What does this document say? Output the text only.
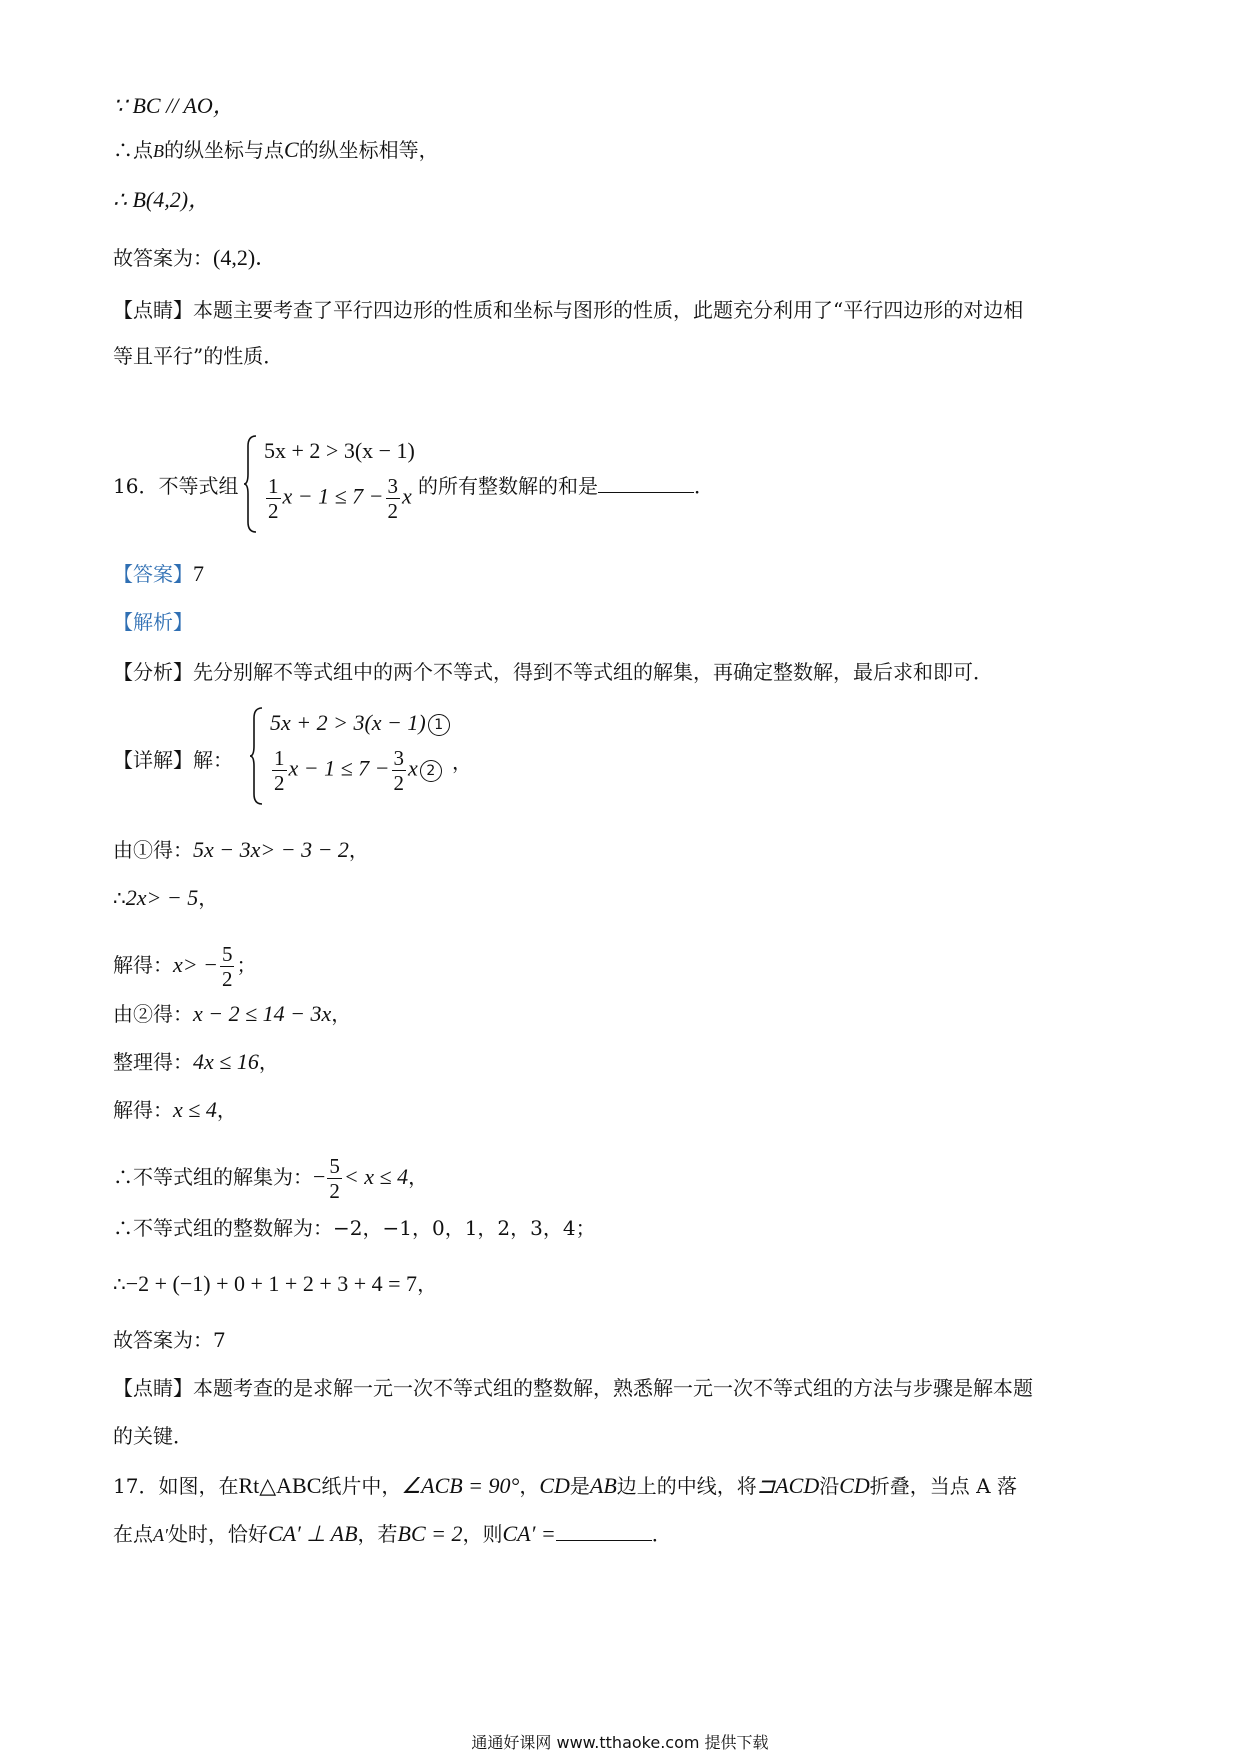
∵ BC // AO，
∴点B的纵坐标与点C的纵坐标相等，
∴ B(4,2)，
故答案为：(4,2)．
【点睛】本题主要考查了平行四边形的性质和坐标与图形的性质，此题充分利用了“平行四边形的对边相
等且平行”的性质．
16．不等式组
5x + 2 > 3(x − 1)
$\frac{1}{2}$ $x - 1 \le 7 - \frac{3}{2}$ x 的所有整数解的和是	．
【答案】7
【解析】
【分析】先分别解不等式组中的两个不等式，得到不等式组的解集，再确定整数解，最后求和即可．
【详解】解：
5x + 2 > 3(x − 1) 1
$\frac{1}{2}$ $x - 1 \le 7 - \frac{3}{2}$ x 2 ，
由①得：5x − 3x> − 3 − 2，
∴2x> − 5，
解得：$x> - \frac{5}{2}$ ；
由②得：x − 2 ≤ 14 − 3x，
整理得：4x ≤ 16，
解得：x ≤ 4，
∴不等式组的解集为：− $\frac{5}{2} < x \le 4$，
∴不等式组的整数解为：−2，−1，0，1，2，3，4；
∴−2 + (−1) + 0 + 1 + 2 + 3 + 4 = 7，
故答案为：7
【点睛】本题考查的是求解一元一次不等式组的整数解，熟悉解一元一次不等式组的方法与步骤是解本题
的关键．
17．如图，在Rt△ABC纸片中，∠ACB = 90°，CD是AB边上的中线，将⊐ACD沿CD折叠，当点 A 落
在点A′处时，恰好CA′ ⊥ AB，若BC = 2，则CA′ =	．
通通好课网 www.tthaoke.com 提供下载
